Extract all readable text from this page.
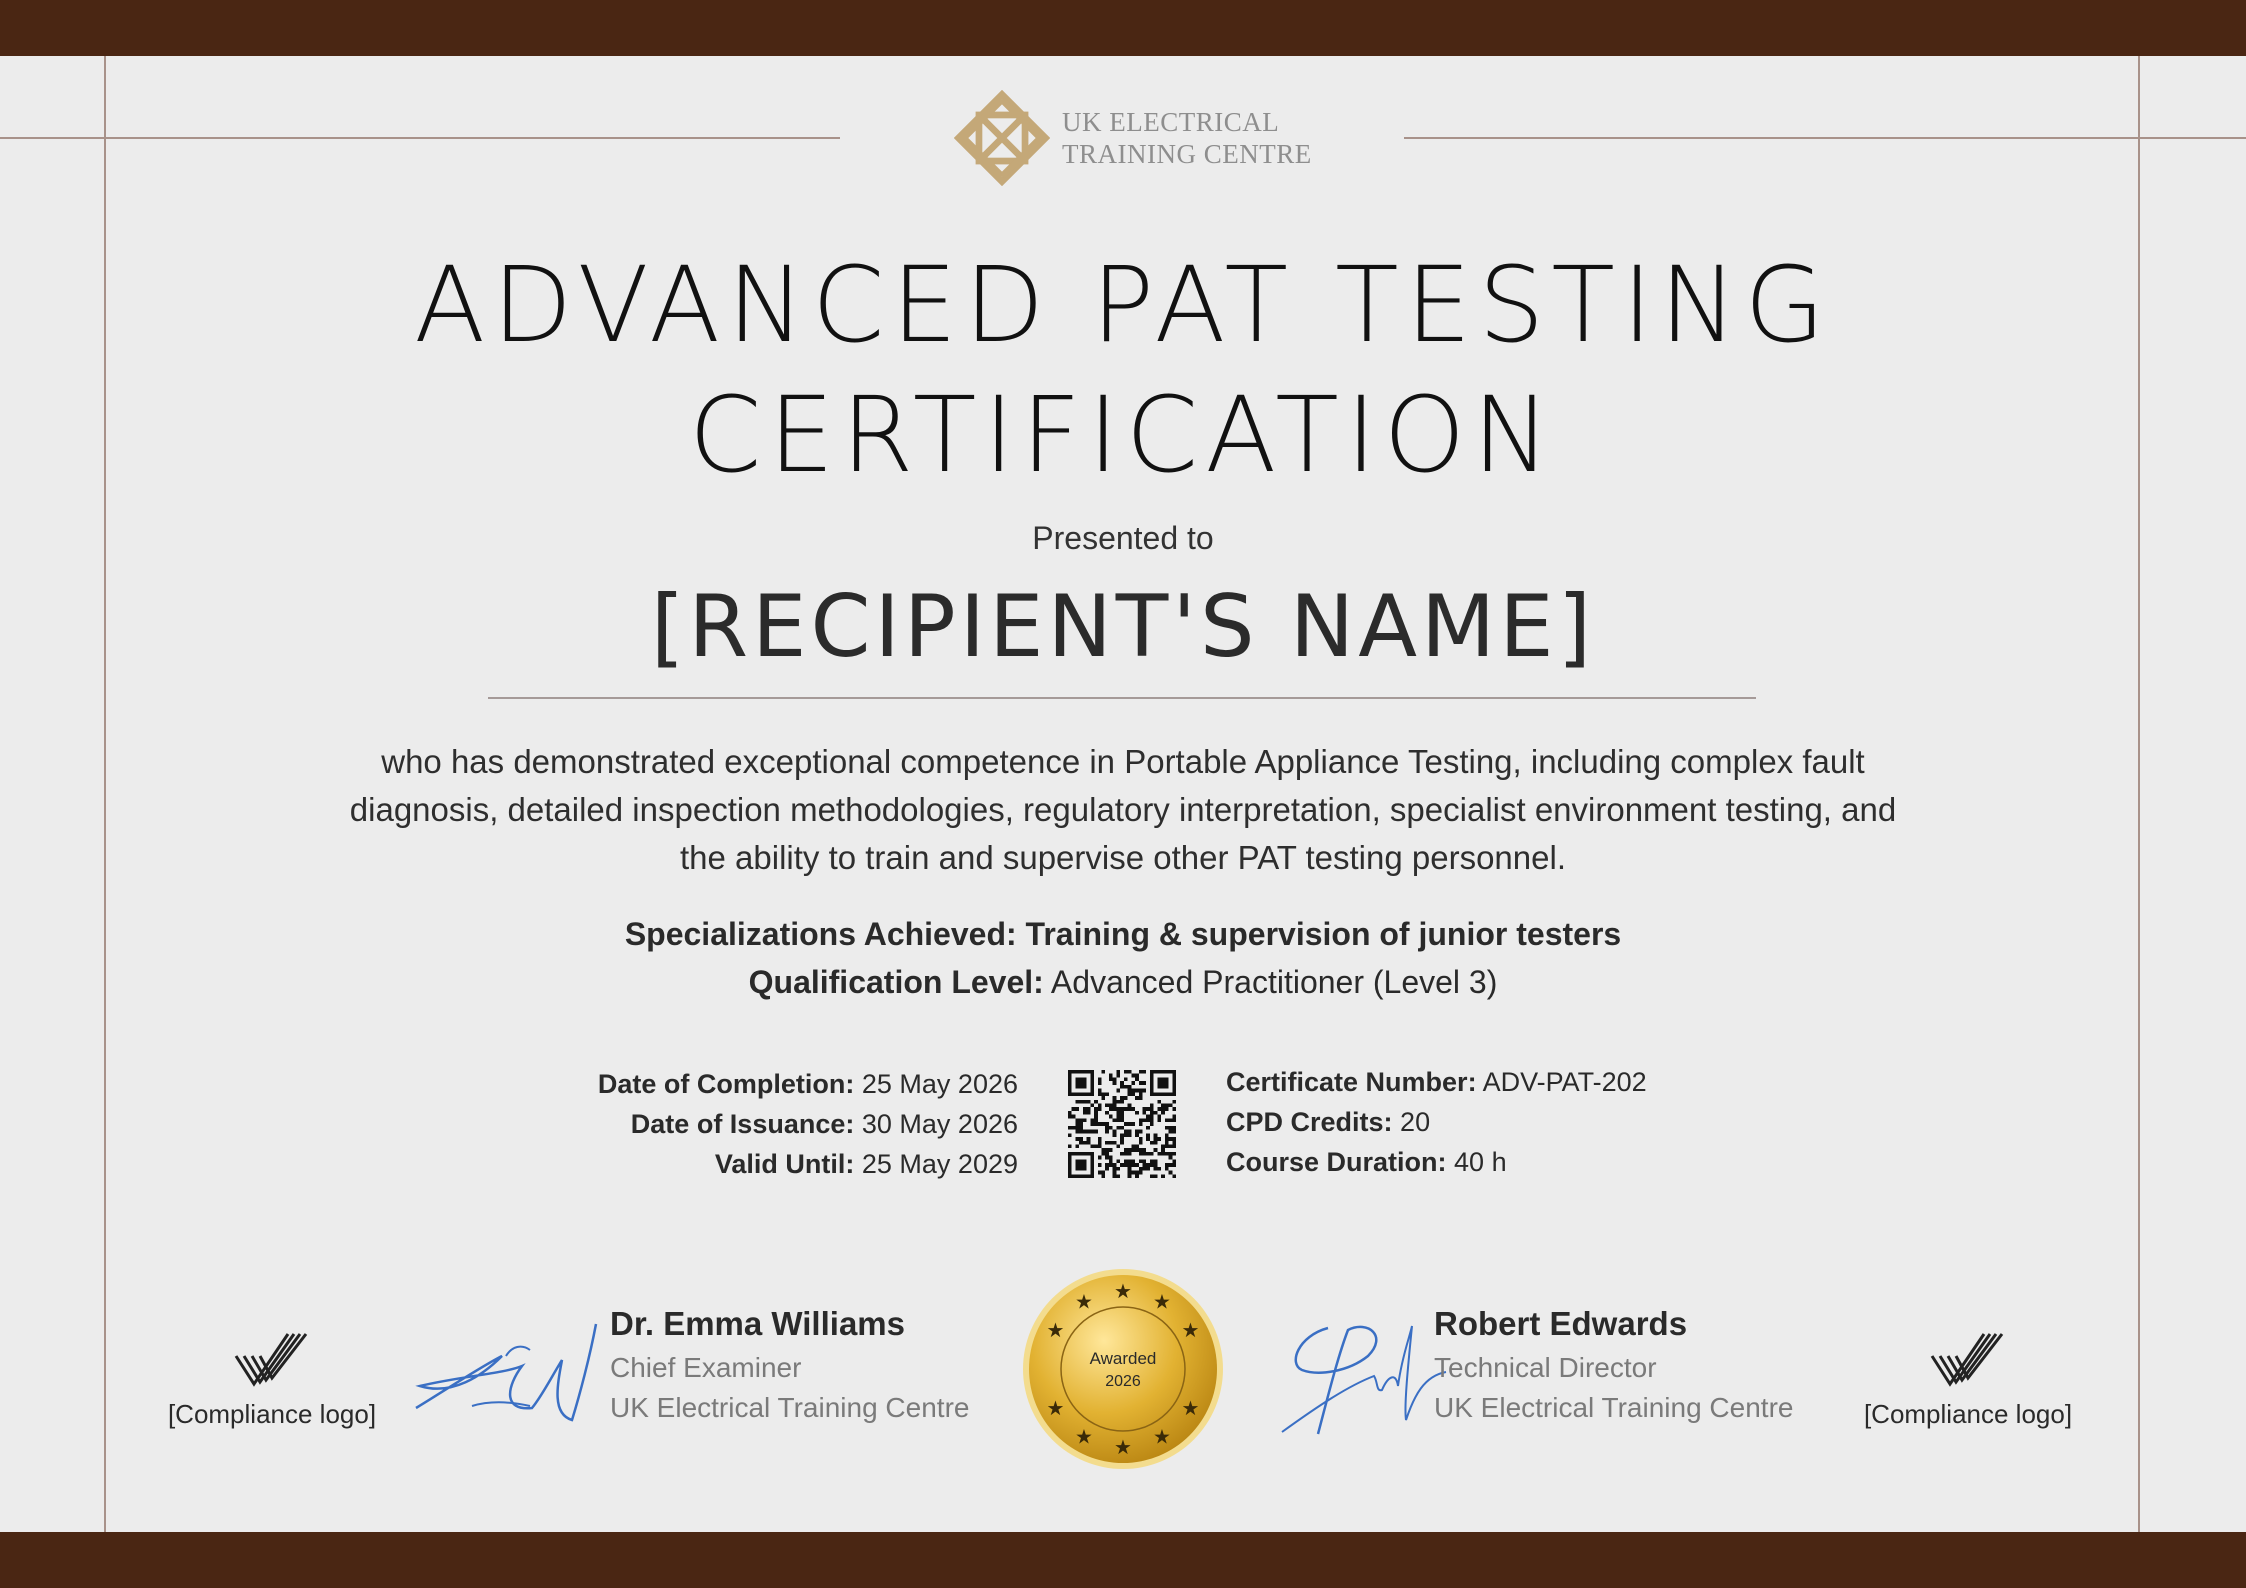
UK ELECTRICAL
TRAINING CENTRE
ADVANCED PAT TESTING
CERTIFICATION
Presented to
[RECIPIENT'S NAME]
who has demonstrated exceptional competence in Portable Appliance Testing, including complex fault diagnosis, detailed inspection methodologies, regulatory interpretation, specialist environment testing, and the ability to train and supervise other PAT testing personnel.
Specializations Achieved: Training & supervision of junior testers
Qualification Level: Advanced Practitioner (Level 3)
Date of Completion: 25 May 2026
Date of Issuance: 30 May 2026
Valid Until: 25 May 2029
Certificate Number: ADV-PAT-202
CPD Credits: 20
Course Duration: 40 h
[Compliance logo]
Dr. Emma Williams
Chief Examiner
UK Electrical Training Centre
★
★ ★ ★
★
★
★
★
★
★
Awarded
2026
Robert Edwards
Technical Director
UK Electrical Training Centre	[Compliance logo]
